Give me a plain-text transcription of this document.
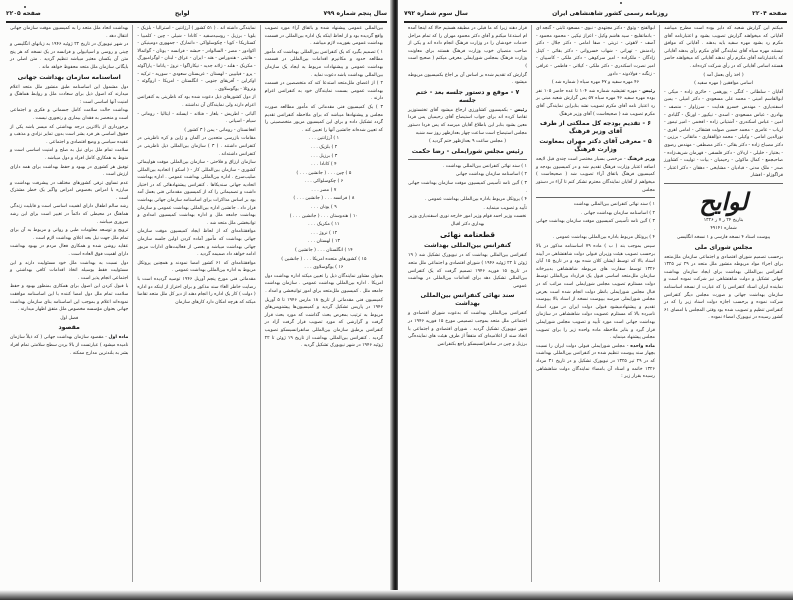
سال پنجم شماره ۷۹۹
لوایح
صفحه ۲۲۰۵

بین‌المللی عمومی پیشنهاد شده و باتفاق آراء مورد تصویب واقع گردیده بود و از لحاظ اینکه یک اداره بین‌المللی در قسمت بهداشت عمومی بفوریت لازم میباشد .

۱ ) تصمیم بگیرد که یک کنفرانس بین‌المللی بهداشت که مأمور مطالعه حدود و مکانیزم اقدامات بین‌المللی در قسمت بهداشت عمومی و پیشنهادات مربوط به ایجاد یک سازمان بین‌المللی بهداشت باشد دعوت نماید .

۲ ) از اعضای ملل‌متحد استدعا کند که متخصصین در قسمت بهداشت عمومی بسمت نمایندگان خود به کنفرانس اعزام دارند .

۳ ) یک کمیسیون فنی مقدماتی که مأمور مطالعه صورت مجلس و پیشنهادها میباشد که برای ملاحظه کنفرانس تقدیم گردد تشکیل داده و برای این کمیسیون مزبور متخصصینی را که تعیین شده‌اند جانشین آنها را تعیین کند .

۱ ) آرژانتین . . .

۲ ) بلژیک . . .

۳ ) برزیل . . .

۴ ) کانادا . . .

۵ ) چین . . . ( جانشین . . . )

۶ ) چکوسلواکی . . .

۷ ) مصر . . .

۸ ) فرانسه . . . ( جانشین . . . )

۹ ) یونان . . .

۱۰ ) هندوستان . . . ( جانشین . . . )

۱۱ ) مکزیک . . .

۱۲ ) نروژ . . .

۱۳ ) لهستان . . .

۱۴ ) انگلستان . . . ( جانشین )

۱۵ ) کشورهای متحده امریکا . . . ( جانشین )

۱۶ ) یوگوسلاوی . . .

بعنوان مشاور نمایندگان ذیل را تعیین میکند اداره بهداشت دول امریکا . اداره بین‌المللی بهداشت عمومی . سازمان بهداشت جامعه ملل . کمیسیون ملل‌متحد برای امور توانبخشی و امداد .

کمیسیون فنی مقدماتی از تاریخ ۱۸ مارس ۱۹۴۶ تا ۵ آوریل ۱۹۴۶ در پاریس تشکیل گردید و کمیسیون‌ها پیشنویس‌های مربوط به ترتیب بمعرض بحث گذاشت که مورد بحث قرار گرفت و گزارشی که مورد تصویب قرار گرفت آزاد در کنفرانس برطبق سازمان بین‌المللی سانفرانسیسکو تصویب گردید . کنفرانس بین‌المللی بهداشت از تاریخ ۱۹ ژوئن تا ۲۲ ژوئیه ۱۹۴۶ در شهر نیویورک تشکیل گردید .

نمایندگی داشته اند . ( ۵۱ کشور ) آرژانتین - استرالیا - بلژیک - بلویا - برزیل - روسیه‌سفید - کانادا - شیلی - چین - کلمبیا - کستاریکا - کوبا - چکوسلواکی - دانمارک - جمهوری دومینیکن - اکوادور - مصر - السالوادر - حبشه - فرانسه - یونان - گواتمالا - هائیتی - هندوراس - هند - ایران - عراق - لبنان - لوگزامبورگ - مکزیک - هلند - زلاند جدید - نیکاراگوا - نروژ - پاناما - پاراگوئه - پرو - فیلیپین - لهستان - عربستان سعودی - سوریه - ترکیه - اوکراین - آفریقای جنوبی - انگلستان - امریکا - اروگوئه - ونزوئلا - یوگوسلاوی .

از دول کشورهای ذیل دعوت شده بود که ناظرینی به کنفرانس اعزام دارند ولی نمایندگان آن نداشتند .

آلبانی - اطریش - بلغار - فنلاند - ایسلند - ایتالیا - رومانی - سیام - اسپانی .

افغانستان - رومانی - یمن ( ۳ کشور )

مقامات بازرسی متحدین در آلمان و ژاپن و کره ناظرینی در کنفرانس داشتند . ( ۳ ) سازمان بین‌المللی ذیل ناظرینی در کنفرانس داشته‌اند .

سازمان ارزاق و فلاحتی - سازمان بین‌المللی موقت هواپیمائی کشوری - سازمان بین‌المللی کار - ( اسکو ) اتحادیه بین‌المللی صلیب‌سرخ . اداره بین‌المللی بهداشت عمومی . اداره بهداشت اتحادیه جهانی سندیکاها . کنفرانس پیشنهادهائی که در اختیار داشت و تصمیماتی را که از کمیسیون مقدماتی فنی بعمل آمد بود بر اساس مذاکرات برای اساسنامه سازمان جهانی بهداشت قرار داد . جانشین اداره بین‌المللی بهداشت عمومی و سازمان بهداشت جامعه ملل و اداره بهداشت کمیسیون امدادی و توانبخشی ملل متحد شد .

موافقتنامه‌ای که از لحاظ ایجاد کمیسیون موقت سازمان جهانی بهداشت که مأمور آماده کردن اولین جلسه سازمان جهانی بهداشت میباشد و بعضی از فعالیت‌های ادارات مزبور ادامه خواهد داد ضمیمه گردید .

موافقتنامه‌ای که ۶۱ کشور امضا نمودند و همچنین پروتکل مربوط به اداره بین‌المللی بهداشت عمومی .

مقدماتی فنی مورخ پنجم آوریل ۱۹۴۶ توصیه گردیده است با رضایت خاطر الغاء سند مذکور و برای احتراز از اینکه دو اداره ( دولت ) کار یک اداره را انجام دهند از دیر کل ملل متحد تقاضا میکند که هرچه امکان دارد کارهای سازمان

بهداشت اتحاد ملل متحد را به کمیسیون موقت سازمان جهانی انتقال دهد .

در شهر نیویورک در تاریخ ۲۲ ژوئیه ۱۹۴۶ به زبانهای انگلیسی و چینی و روسی و اسپانیولی و فرانسه در یک نسخه که هر پنج متن آن یکسان معتبر میباشد تنظیم گردید . متن اصلی در بایگانی سازمان ملل متحد محفوظ خواهد ماند .

اساسنامه سازمان بهداشت جهانی

دول مشمول این اساسنامه طبق منشور ملل متحد اعلام میدارند که اصول ذیل برای سعادت ملل و روابط هماهنگ و امنیت آنها اساسی است :

بهداشت حالت سلامت کامل جسمانی و فکری و اجتماعی است و منحصر به فقدان بیماری و رنجوری نیست .

برخورداری از بالاترین درجه بهداشتی که میسر باشد یکی از حقوق اساسی هر فرد بشر است بدون تمایز نژادی و مذهب و عقیده سیاسی و وضع اقتصادی و اجتماعی .

سلامت تمام ملل برای نیل به صلح و امنیت اساسی است و منوط به همکاری کامل افراد و دول میباشد .

توفیق هر کشوری در بهبود و حفظ بهداشت برای همه دارای ارزش است .

عدم تساوی ترقی کشورهای مختلف در پیشرفت بهداشت و مبارزه با امراض بخصوص امراض واگیر یک خطر مشترک است .

رشد سالم اطفال دارای اهمیت اساسی است و قابلیت زندگی هماهنگ در محیطی که دائماً در تغییر است برای این رشد ضروری میباشد .

ترویج و توسعه معلومات طبی و روانی و مربوط به آن برای تمام ملل جهت نیل بحد اعلای بهداشت لازم است .

عقاید روشن شده و همکاری فعال مردم در بهبود بهداشت دارای اهمیت فوق العاده است .

دول نسبت به بهداشت ملل خود مسئولیت دارند و این مسئولیت فقط بوسیله اتخاذ اقدامات کافی بهداشتی و اجتماعی انجام پذیر است .

با قبول کردن این اصول برای همکاری بمنظور بهبود و حفظ سلامت تمام ملل دول امضا کننده با این اساسنامه موافقت نموده‌اند اعلام و بموجب این اساسنامه بنای سازمان بهداشت جهانی بعنوان مؤسسه مخصوص ملل متفق اظهار میدارند .

فصل اول

مقصود

ماده اول - مقصود سازمان بهداشت جهانی ( که ذیلاً سازمان نامیده میشود ) عبارتست از بالا بردن سطح سلامتی تمام افراد بشر به بلندترین مدارج ممکنه .

صفحه ۲۲۰۴
روزنامه رسمی کشور شاهنشاهی ایران
سال سوم شماره ۷۹۲

میکنم این گزارش شعبه که دایر بوده است مطرح میباشد آقایانی که میخواهند گزارش تصویب بشود و اعتبارنامه آقای مکرم رد بشود مهره سفید باید بدهند . آقایانی که موافق نیستند مهره سیاه آقای نمایندگی آقای مکرم رأی بدهند آقایانی که باعتبارنامه آقای مکرم رأی ندهند آقایانی که میخواهند حاضر هستند اسامی آقایانی که در رأی شرکت کرده‌اند .

( اخذ رأی بعمل آمد )

اسامی موافقین ( مهره سفید )

آقایان - سلطانی - کنگی - پورهمی - حائری زاده - میکی - ابوالقاسم امینی - محمد علی مسعودی - دکتر امیلی - یمین اسفندیاری - مهندس خسرو هدایت - سرزاوار - منصف - بهادری - عباس مسعودی - اسدی - نیکپور - اورنگ - گلبادی - امین - عباس اسکندری - آشتیانی زاده - افخمی - امیر تیمور - ارباب - عامری - محمد حسین صولت قشقائی - امامی اهری - نورالدین امامی - وکیلی - محمد ذوالفقاری - مانقانی - برزین - دکتر مصباح زاده - دکتر بقائی - دکتر مصطفی - مهندس رضوی - بختیار - خلیلی - اردلان - دکتر فلسفی - قهرمان شریف‌زاده - صاحبجمع - کمال ماکوئی - رحیمیان - بیات - تولیت - کشاورز صدر - ملک مدنی - قبادیان - مشایخی - دهقان - دکتر اعتبار - قراگوزلو - افشار

لوایح

بتاریخ ۲۴ ر ۷ ر ۱۳۲۶

شماره ۴۹۱۴۱

پیوست اسناد ۴ نسخه فارسی و ۱ نسخه انگلیسی

مجلس شورای ملی

برحسب تصمیم شورای اقتصادی و اجتماعی سازمان ملل‌متحد برای اجراء مواد مربوطه منشور ملل متحد در ۲۹ تیر ۱۳۲۵ کنفرانس بین‌المللی بهداشت برای ایجاد سازمان بهداشت جهانی تشکیل و دولت شاهنشاهی نیز شرکت نموده است و نماینده ایران اسناد کنفرانس را که عبارت از نسخه اساسنامه سازمان بهداشت جهانی و صورت مجلس دیگر کنفرانس شرکت نموده و برحسب اجازه دولت اسناد زیر را که در کنفرانس تنظیم و تصویب شده بود وقتی المجلس با امضای ۶۱ کشور رسیده در نیویورک امضاء نموده .

ابوالفتح - وثوق - دکتر مجتهدی - نبوی - مسعود ثابتی - گنجه ای - بانماتقلیچ - سید هاشم وکیل - اعزاز نیکپی - محمود محمود - آصف - لاهوتی - تربتی - صفا امامی - دکتر جلال - دکتر رادمنش - تهرانی - شهاب خسروانی - دکتر بقائی - کپتل زادگان - ملکزاده - امیر سرکوهی - دکتر ملکی - کاسپیان - امیر نصرت اسکندری - دکتر ملکی - کیلانی - فاطمی - عراقی - زنگنه - فولادوند - دادور

۴۶ مهره سفید و ۴۷ مهره سیاه ( شماره شد )

رئیس - مهره تفتیشیه شماره شد ۱۰۴ تا عده حاضر ۱۰۵ نفر بوده مهره سفید ۴۶ مهره سیاه ۵۷ پس گزارش شعبه مبنی بر رد اعتبار نامه آقای مکرم تصویب نشد بنابراین نمایندگی آقای مکرم تصویب شد ( صحیحاست ) آقای وزیر فرهنگ

۶ - تقدیم بودجه کل مملکتی از طرف آقای وزیر فرهنگ

۵ - معرفی آقای دکتر مهران بمعاونت وزارت فرهنگ

وزیر فرهنگ - مرخصی بسیار مختصر است چندی قبل لایحه اضافه اعتبار وزارت فرهنگ تقدیم شد و در کمیسیون بودجه و کمیسیون فرهنگ باتفاق آراء تصویب شد ( صحیحاست ) میخواهم از آقایان نمایندگان محترم تشکر کنم تا آراء در دستور مجلس

۱ ) سند نهائی کنفرانس بین‌المللی بهداشت

۲ ) اساسنامه سازمان بهداشت جهانی .

۳ ) آئین نامه تأسیس کمیسیون موقت سازمان بهداشت جهانی .

۴ ) پروتکل مربوط باداره بین‌المللی بهداشت عمومی .

سپس بموجب بند ( ب ) ماده ۷۹ اساسنامه مذکور در بالا برحسب تصویب هیئت وزیران قبولی دولت شاهنشاهی در آیینه اسناد بالا که توسط ایشان کلان شده بود و در تاریخ ۱۵ آبان ۱۳۲۶ توسط سفارت های مربوطه شاهنشاهی بدبیرخانه سازمان ملل‌متحد اساسی قبول یک قرارداد بین‌المللی توسط دولت مستلزم تصویب مجلس شورایملی است مراتب که در قبال مجلس شورایملی بانظر دولت انجام شده است بعرض مجلس شورایملی میرسد بپیوست نسخه از اسناد بالا بپیوست تقدیم و پیشنهادمیشود قبولی دولت ایران در مورد اسناد نامبرده بالا که مستلزم عضویت دولت شاهنشاهی در سازمان بهداشت جهانی است مورد تأیید و تصویب مجلس شورایملی قرار گیرد و بنابر ملاحظه ماده واحده زیر را برای تصویب مجلس پیشنهاد مینماید .

ماده واحده - مجلس شورایملی قبولی دولت ایران را نسبت بچهار سند پیوست تنظیم شده در کنفرانس بین‌المللی بهداشت که در ۲۹ تیر ۱۳۲۵ در نیویورک تشکیل و در تاریخ ۳۱ مرداد ۱۳۲۶ خاتمه و اسناد آن بامضاء نمایندگان دولت شاهنشاهی رسیده بقرار زیر :

قرار دهند زیرا که ما قبلی در مطبقه هستیم حالا که اینجا آمده ام استدعا میکنم و آقای دکتر محمود مهران را که تمام مراحل خدمات خودشان را در وزارت فرهنگ انجام داده اند و یکی از صاحب منصبان خوب وزارت فرهنگ هستند برای معاونت وزارت فرهنگ بمجلس شورایملی معرفی میکنم ( صحیح است )

گزارش که تقدیم شده بر اساس آن بر اجاع بکمیسیون مربوطه میشود .

۷ - موقع و دستور جلسه بعد - ختم جلسه

رئیس - بکمیسیون کشاورزی ارجاع میشود آقای تختستوزیر تقاضا کرده اند برای جواب استیضاح آقای رحیمیان پس فردا معین بشود بنابر این باطلاع آقایان میرسد که پس فردا دستور مجلس استیضاح است ساعت چهار بعدازظهر روز سه شنبه

( مجلس ساعت ۹ بعدازظهر ختم گردید )

رئیس مجلس شورایملی - رضا حکمت

۱ ) سند نهائی کنفرانس بین‌المللی بهداشت .

۲ ) اساسنامه سازمان بهداشت جهانی

۳ ) آئین نامه تأسیس کمیسیون موقت سازمان بهداشت جهانی .

۴ ) پروتکل مربوط باداره بین‌المللی بهداشت عمومی .

تأیید و تصویب مینماید .

نخست وزیر احمد قوام وزیر امور خارجه نوری اسفندیاری وزیر بهداری دکتر اقبال

قطعنامه نهائی

کنفرانس بین‌المللی بهداشت

کنفرانس بین‌المللی بهداشت که در نیویورک تشکیل شد ( ۱۹ ژوئن تا ۲۲ ژوئیه ۱۹۴۶ ) شورای اقتصادی و اجتماعی ملل متحد در تاریخ ۱۵ فوریه ۱۹۴۶ تصمیم گرفت که یک کنفرانس بین‌المللی تشکیل دهد برای اقدامات بین‌المللی در بهداشت عمومی

سند نهائی کنفرانس بین‌المللی بهداشت

کنفرانس بین‌المللی بهداشت که بدعوت شورای اقتصادی و اجتماعی ملل متحد بموجب تصمیمی مورخ ۱۵ فوریه ۱۹۴۶ در شهر نیویورک تشکیل گردید . شورای اقتصادی و اجتماعی با اتخاذ سند از اعلامیه‌ای که متفقاً از طرف هیئت های نماینده‌گی برزیل و چین در سانفرانسیسکو راجع بکنفرانس
